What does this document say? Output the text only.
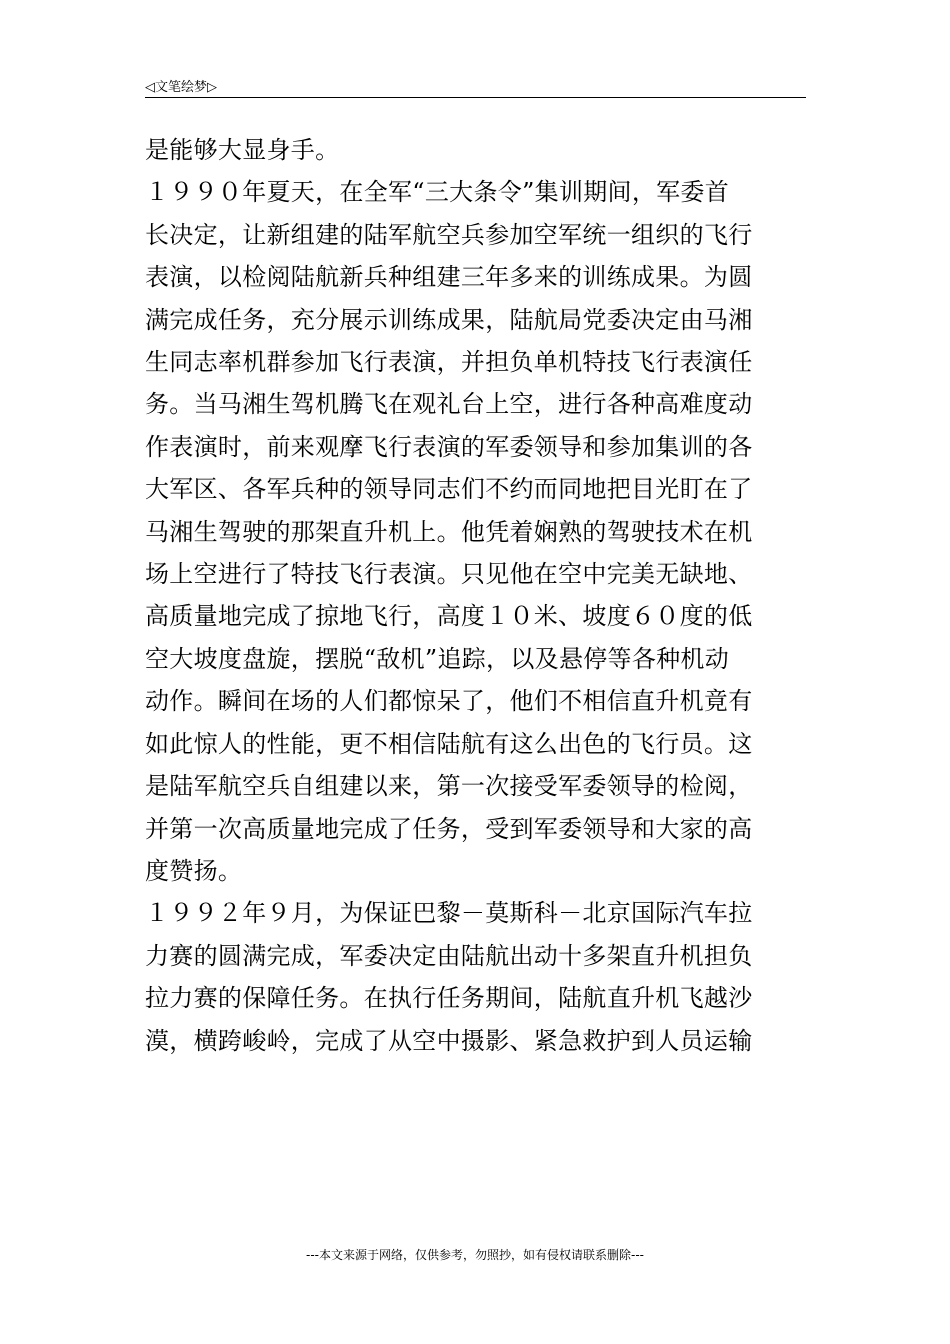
◁文笔绘梦▷

是能够大显身手。

１９９０年夏天，在全军“三大条令”集训期间，军委首
长决定，让新组建的陆军航空兵参加空军统一组织的飞行
表演，以检阅陆航新兵种组建三年多来的训练成果。为圆
满完成任务，充分展示训练成果，陆航局党委决定由马湘
生同志率机群参加飞行表演，并担负单机特技飞行表演任
务。当马湘生驾机腾飞在观礼台上空，进行各种高难度动
作表演时，前来观摩飞行表演的军委领导和参加集训的各
大军区、各军兵种的领导同志们不约而同地把目光盯在了
马湘生驾驶的那架直升机上。他凭着娴熟的驾驶技术在机
场上空进行了特技飞行表演。只见他在空中完美无缺地、
高质量地完成了掠地飞行，高度１０米、坡度６０度的低
空大坡度盘旋，摆脱“敌机”追踪，以及悬停等各种机动
动作。瞬间在场的人们都惊呆了，他们不相信直升机竟有
如此惊人的性能，更不相信陆航有这么出色的飞行员。这
是陆军航空兵自组建以来，第一次接受军委领导的检阅，
并第一次高质量地完成了任务，受到军委领导和大家的高
度赞扬。

１９９２年９月，为保证巴黎－莫斯科－北京国际汽车拉
力赛的圆满完成，军委决定由陆航出动十多架直升机担负
拉力赛的保障任务。在执行任务期间，陆航直升机飞越沙
漠，横跨峻岭，完成了从空中摄影、紧急救护到人员运输

---本文来源于网络，仅供参考，勿照抄，如有侵权请联系删除---
